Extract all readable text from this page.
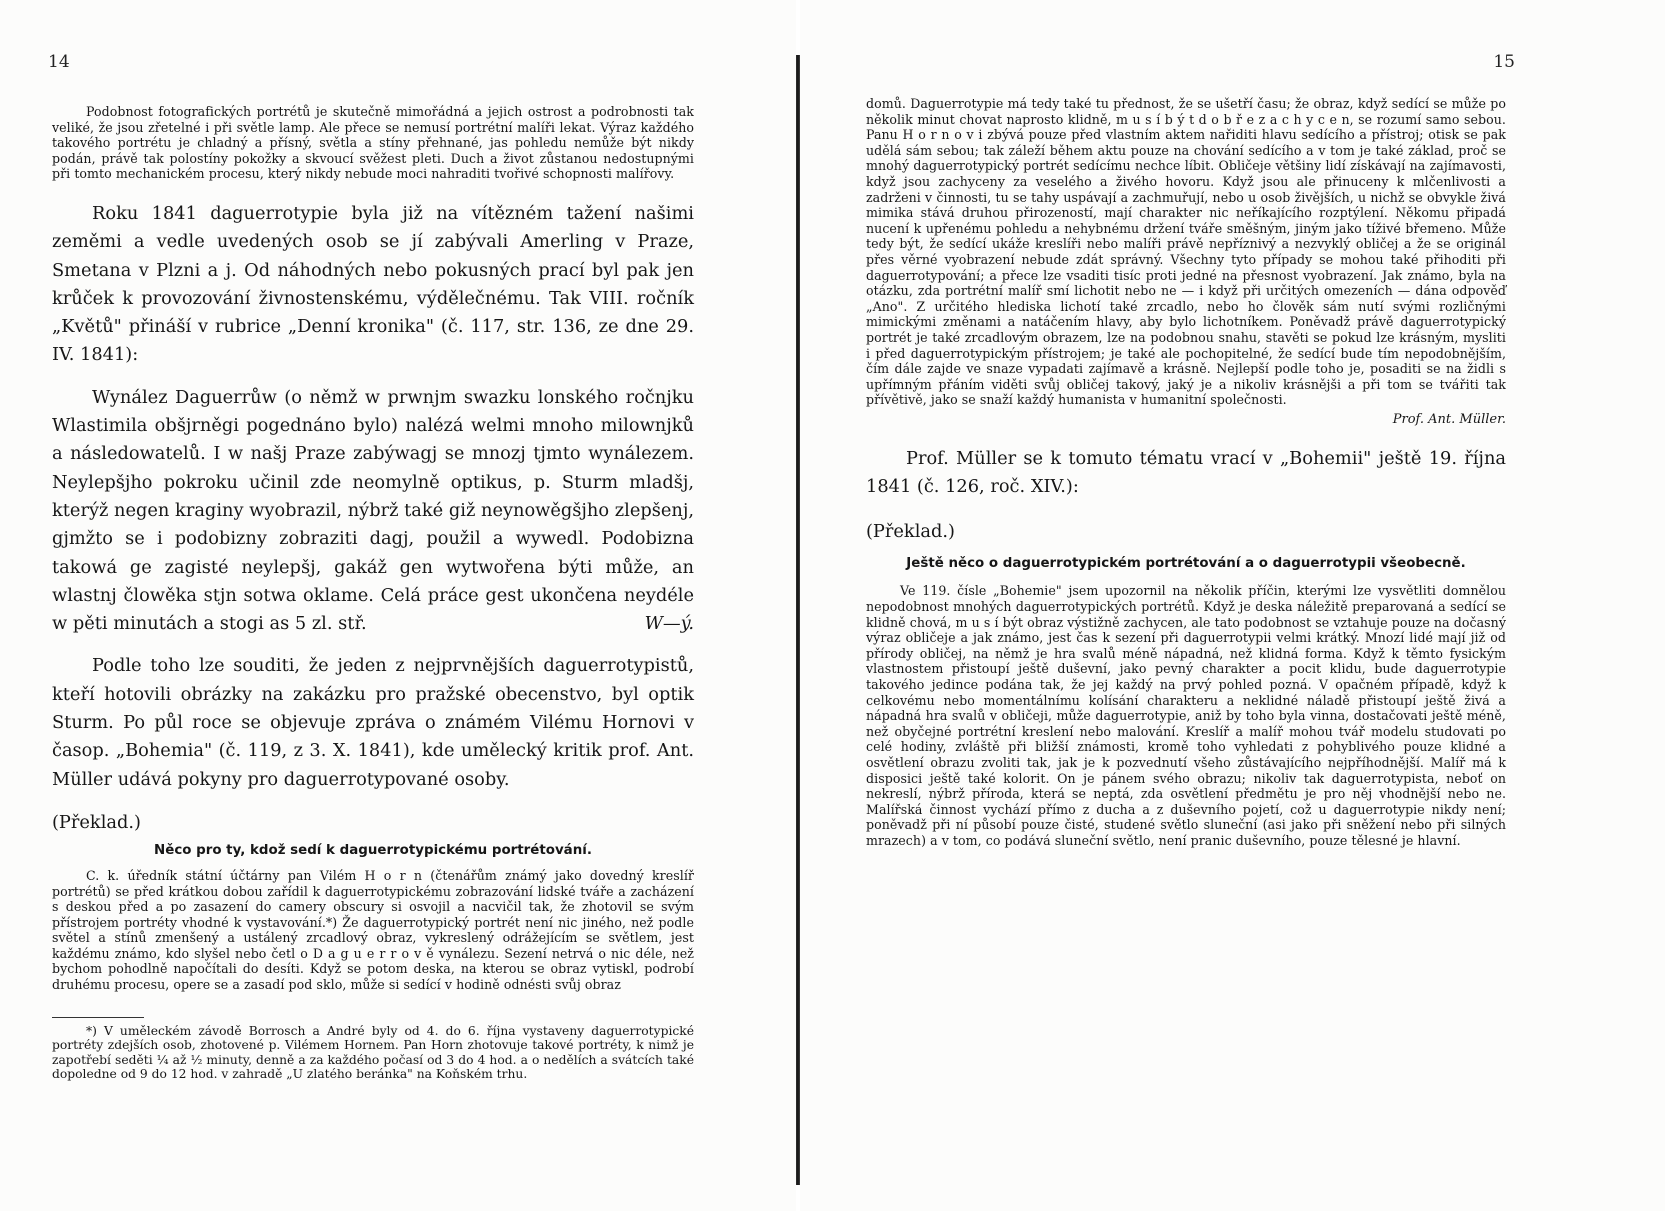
14

Podobnost fotografických portrétů je skutečně mimořádná a jejich ostrost a podrobnosti tak veliké, že jsou zřetelné i při světle lamp. Ale přece se nemusí portrétní malíři lekat. Výraz každého takového portrétu je chladný a přísný, světla a stíny přehnané, jas pohledu nemůže být nikdy podán, právě tak polostíny pokožky a skvoucí svěžest pleti. Duch a život zůstanou nedostupnými při tomto mechanickém procesu, který nikdy nebude moci nahraditi tvořivé schopnosti malířovy.

Roku 1841 daguerrotypie byla již na vítězném tažení našimi zeměmi a vedle uvedených osob se jí zabývali Amerling v Praze, Smetana v Plzni a j. Od náhodných nebo pokusných prací byl pak jen krůček k provozování živnostenskému, výdělečnému. Tak VIII. ročník „Květů" přináší v rubrice „Denní kronika" (č. 117, str. 136, ze dne 29. IV. 1841):

Wynález Daguerrůw (o němž w prwnjm swazku lonského ročnjku Wlastimila obšjrněgi pogednáno bylo) nalézá welmi mnoho milownjků a následowatelů. I w našj Praze zabýwagj se mnozj tjmto wynálezem. Neylepšjho pokroku učinil zde neomylně optikus, p. Sturm mladšj, kterýž negen kraginy wyobrazil, nýbrž také giž neynowěgšjho zlepšenj, gjmžto se i podobizny zobraziti dagj, použil a wywedl. Podobizna takowá ge zagisté neylepšj, gakáž gen wytwořena býti může, an wlastnj člowěka stjn sotwa oklame. Celá práce gest ukončena neydéle w pěti minutách a stogi as 5 zl. stř.	W—ý.

Podle toho lze souditi, že jeden z nejprvnějších daguerrotypistů, kteří hotovili obrázky na zakázku pro pražské obecenstvo, byl optik Sturm. Po půl roce se objevuje zpráva o známém Vilému Hornovi v časop. „Bohemia" (č. 119, z 3. X. 1841), kde umělecký kritik prof. Ant. Müller udává pokyny pro daguerrotypované osoby.

(Překlad.)

Něco pro ty, kdož sedí k daguerrotypickému portrétování.

C. k. úředník státní účtárny pan Vilém H o r n (čtenářům známý jako dovedný kreslíř portrétů) se před krátkou dobou zařídil k daguerrotypickému zobrazování lidské tváře a zacházení s deskou před a po zasazení do camery obscury si osvojil a nacvičil tak, že zhotovil se svým přístrojem portréty vhodné k vystavování.*) Že daguerrotypický portrét není nic jiného, než podle světel a stínů zmenšený a ustálený zrcadlový obraz, vykreslený odrážejícím se světlem, jest každému známo, kdo slyšel nebo četl o D a g u e r r o v ě vynálezu. Sezení netrvá o nic déle, než bychom pohodlně napočítali do desíti. Když se potom deska, na kterou se obraz vytiskl, podrobí druhému procesu, opere se a zasadí pod sklo, může si sedící v hodině odnésti svůj obraz

*) V uměleckém závodě Borrosch a André byly od 4. do 6. října vystaveny daguerrotypické portréty zdejších osob, zhotovené p. Vilémem Hornem. Pan Horn zhotovuje takové portréty, k nimž je zapotřebí seděti ¼ až ½ minuty, denně a za každého počasí od 3 do 4 hod. a o nedělích a svátcích také dopoledne od 9 do 12 hod. v zahradě „U zlatého beránka" na Koňském trhu.

15

domů. Daguerrotypie má tedy také tu přednost, že se ušetří času; že obraz, když sedící se může po několik minut chovat naprosto klidně, m u s í b ý t d o b ř e z a c h y c e n, se rozumí samo sebou. Panu H o r n o v i zbývá pouze před vlastním aktem nařiditi hlavu sedícího a přístroj; otisk se pak udělá sám sebou; tak záleží během aktu pouze na chování sedícího a v tom je také základ, proč se mnohý daguerrotypický portrét sedícímu nechce líbit. Obličeje většiny lidí získávají na zajímavosti, když jsou zachyceny za veselého a živého hovoru. Když jsou ale přinuceny k mlčenlivosti a zadrženi v činnosti, tu se tahy uspávají a zachmuřují, nebo u osob živějších, u nichž se obvykle živá mimika stává druhou přirozeností, mají charakter nic neříkajícího rozptýlení. Někomu připadá nucení k upřenému pohledu a nehybnému držení tváře směšným, jiným jako tíživé břemeno. Může tedy být, že sedící ukáže kreslíři nebo malíři právě nepříznivý a nezvyklý obličej a že se originál přes věrné vyobrazení nebude zdát správný. Všechny tyto případy se mohou také přihoditi při daguerrotypování; a přece lze vsaditi tisíc proti jedné na přesnost vyobrazení. Jak známo, byla na otázku, zda portrétní malíř smí lichotit nebo ne — i když při určitých omezeních — dána odpověď „Ano". Z určitého hlediska lichotí také zrcadlo, nebo ho člověk sám nutí svými rozličnými mimickými změnami a natáčením hlavy, aby bylo lichotníkem. Poněvadž právě daguerrotypický portrét je také zrcadlovým obrazem, lze na podobnou snahu, stavěti se pokud lze krásným, mysliti i před daguerrotypickým přístrojem; je také ale pochopitelné, že sedící bude tím nepodobnějším, čím dále zajde ve snaze vypadati zajímavě a krásně. Nejlepší podle toho je, posaditi se na židli s upřímným přáním viděti svůj obličej takový, jaký je a nikoliv krásnějši a při tom se tvářiti tak přívětivě, jako se snaží každý humanista v humanitní společnosti.

Prof. Ant. Müller.

Prof. Müller se k tomuto tématu vrací v „Bohemii" ještě 19. října 1841 (č. 126, roč. XIV.):

(Překlad.)

Ještě něco o daguerrotypickém portrétování a o daguerrotypii všeobecně.

Ve 119. čísle „Bohemie" jsem upozornil na několik příčin, kterými lze vysvětliti domnělou nepodobnost mnohých daguerrotypických portrétů. Když je deska náležitě preparovaná a sedící se klidně chová, m u s í být obraz výstižně zachycen, ale tato podobnost se vztahuje pouze na dočasný výraz obličeje a jak známo, jest čas k sezení při daguerrotypii velmi krátký. Mnozí lidé mají již od přírody obličej, na němž je hra svalů méně nápadná, než klidná forma. Když k těmto fysickým vlastnostem přistoupí ještě duševní, jako pevný charakter a pocit klidu, bude daguerrotypie takového jedince podána tak, že jej každý na prvý pohled pozná. V opačném případě, když k celkovému nebo momentálnímu kolísání charakteru a neklidné náladě přistoupí ještě živá a nápadná hra svalů v obličeji, může daguerrotypie, aniž by toho byla vinna, dostačovati ještě méně, než obyčejné portrétní kreslení nebo malování. Kreslíř a malíř mohou tvář modelu studovati po celé hodiny, zvláště při bližší známosti, kromě toho vyhledati z pohyblivého pouze klidné a osvětlení obrazu zvoliti tak, jak je k pozvednutí všeho zůstávajícího nejpříhodnější. Malíř má k disposici ještě také kolorit. On je pánem svého obrazu; nikoliv tak daguerrotypista, neboť on nekreslí, nýbrž příroda, která se neptá, zda osvětlení předmětu je pro něj vhodnější nebo ne. Malířská činnost vychází přímo z ducha a z duševního pojetí, což u daguerrotypie nikdy není; poněvadž při ní působí pouze čisté, studené světlo sluneční (asi jako při sněžení nebo při silných mrazech) a v tom, co podává sluneční světlo, není pranic duševního, pouze tělesné je hlavní.
